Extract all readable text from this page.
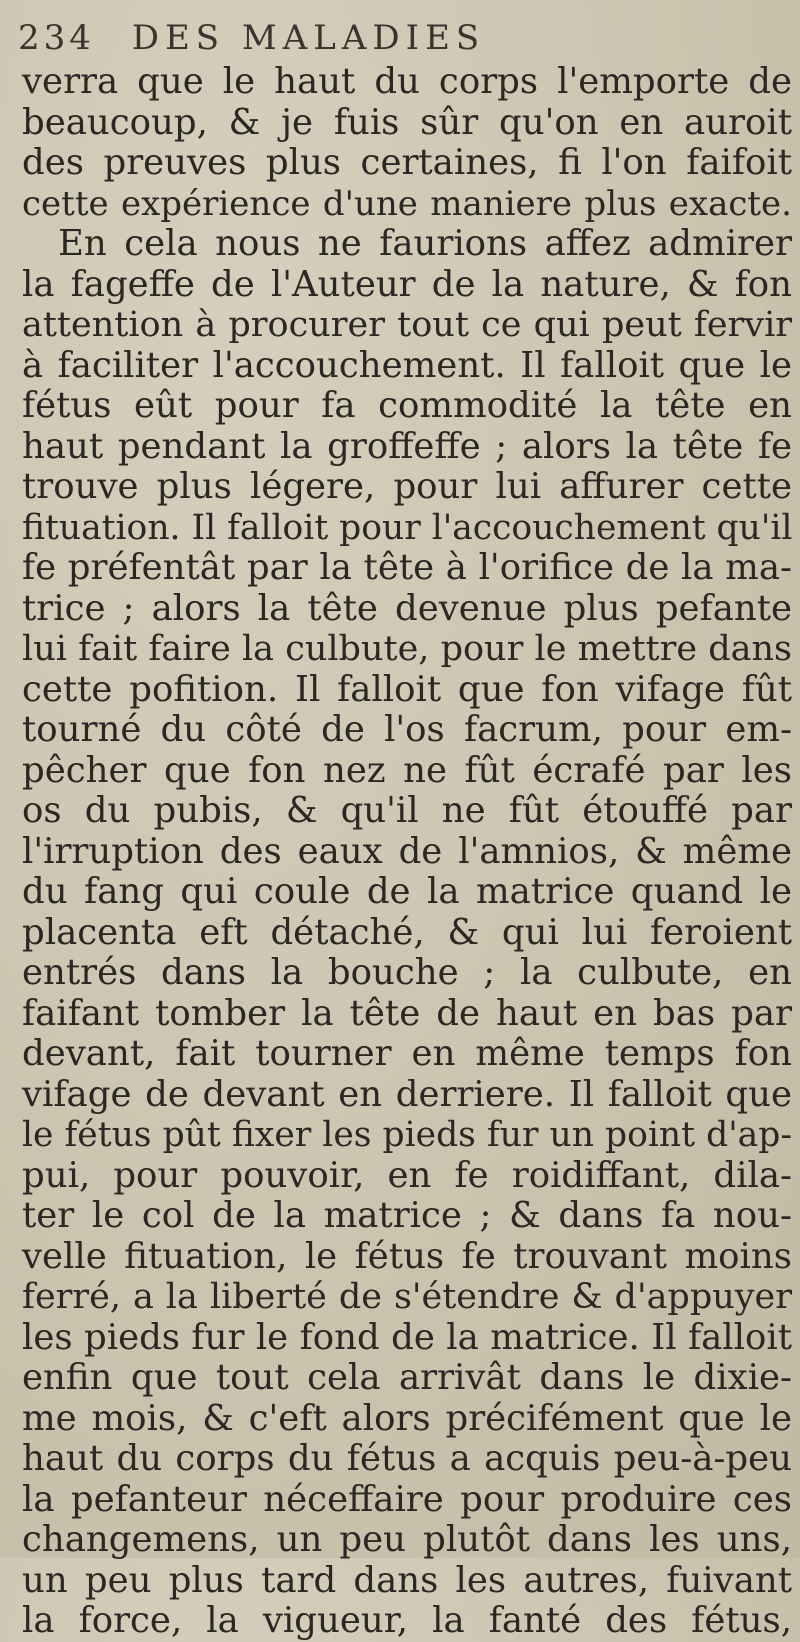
234 DES MALADIES
verra que le haut du corps l'emporte de
beaucoup, & je fuis sûr qu'on en auroit
des preuves plus certaines, fi l'on faifoit
cette expérience d'une maniere plus exacte.
En cela nous ne faurions affez admirer
la fageffe de l'Auteur de la nature, & fon
attention à procurer tout ce qui peut fervir
à faciliter l'accouchement. Il falloit que le
fétus eût pour fa commodité la tête en
haut pendant la groffeffe ; alors la tête fe
trouve plus légere, pour lui affurer cette
fituation. Il falloit pour l'accouchement qu'il
fe préfentât par la tête à l'orifice de la ma-
trice ; alors la tête devenue plus pefante
lui fait faire la culbute, pour le mettre dans
cette pofition. Il falloit que fon vifage fût
tourné du côté de l'os facrum, pour em-
pêcher que fon nez ne fût écrafé par les
os du pubis, & qu'il ne fût étouffé par
l'irruption des eaux de l'amnios, & même
du fang qui coule de la matrice quand le
placenta eft détaché, & qui lui feroient
entrés dans la bouche ; la culbute, en
faifant tomber la tête de haut en bas par
devant, fait tourner en même temps fon
vifage de devant en derriere. Il falloit que
le fétus pût fixer les pieds fur un point d'ap-
pui, pour pouvoir, en fe roidiffant, dila-
ter le col de la matrice ; & dans fa nou-
velle fituation, le fétus fe trouvant moins
ferré, a la liberté de s'étendre & d'appuyer
les pieds fur le fond de la matrice. Il falloit
enfin que tout cela arrivât dans le dixie-
me mois, & c'eft alors précifément que le
haut du corps du fétus a acquis peu-à-peu
la pefanteur néceffaire pour produire ces
changemens, un peu plutôt dans les uns,
un peu plus tard dans les autres, fuivant
la force, la vigueur, la fanté des fétus,
